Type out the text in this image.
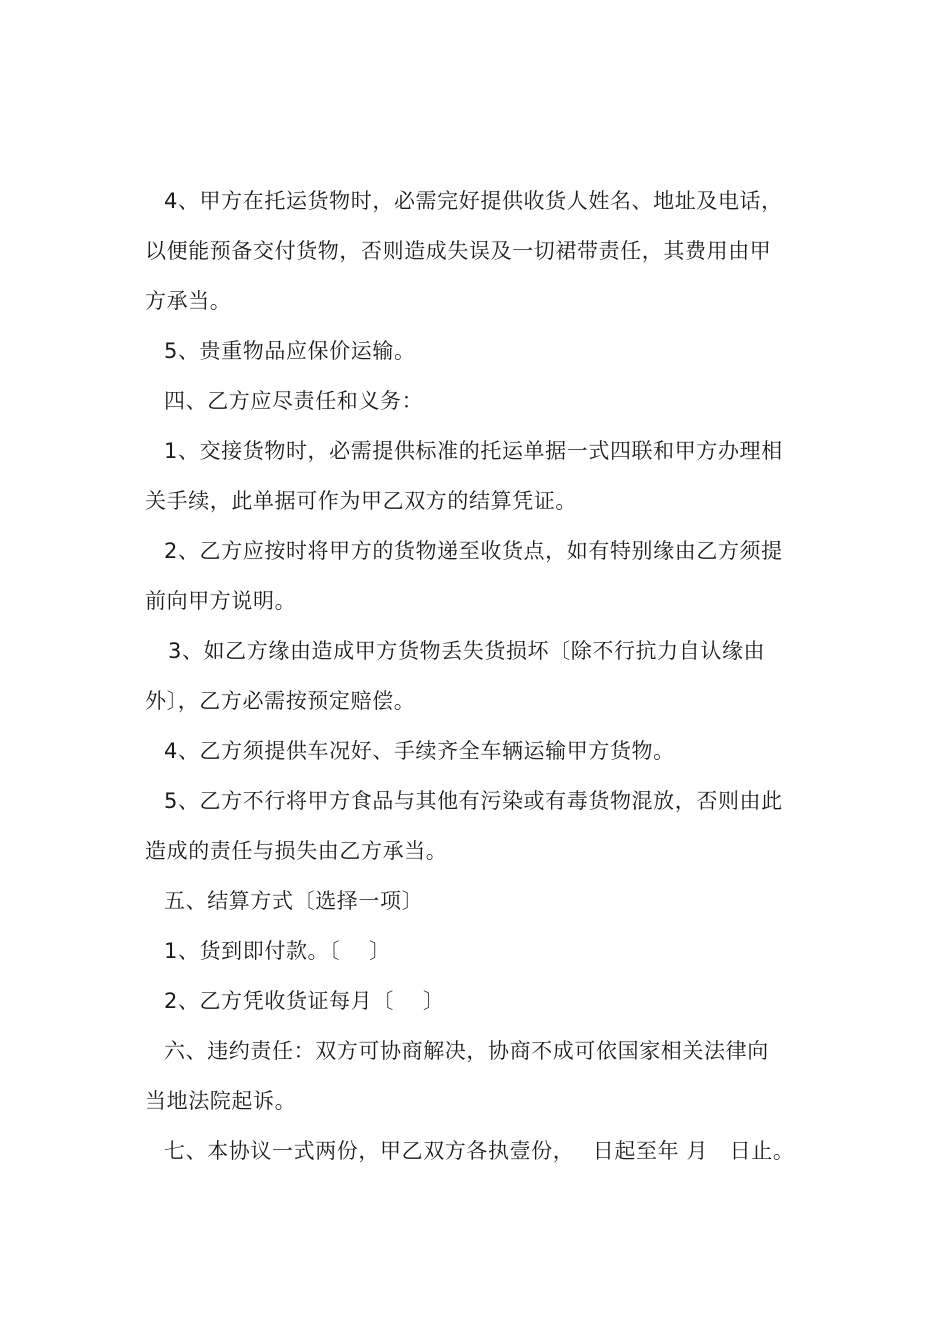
4、甲方在托运货物时，必需完好提供收货人姓名、地址及电话，
以便能预备交付货物，否则造成失误及一切裙带责任，其费用由甲
方承当。
5、贵重物品应保价运输。
四、乙方应尽责任和义务：
1、交接货物时，必需提供标准的托运单据一式四联和甲方办理相
关手续，此单据可作为甲乙双方的结算凭证。
2、乙方应按时将甲方的货物递至收货点，如有特别缘由乙方须提
前向甲方说明。
3、如乙方缘由造成甲方货物丢失货损坏〔除不行抗力自认缘由
外〕，乙方必需按预定赔偿。
4、乙方须提供车况好、手续齐全车辆运输甲方货物。
5、乙方不行将甲方食品与其他有污染或有毒货物混放，否则由此
造成的责任与损失由乙方承当。
五、结算方式〔选择一项〕
1、货到即付款。〔　 〕
2、乙方凭收货证每月〔　 〕
六、违约责任：双方可协商解决，协商不成可依国家相关法律向
当地法院起诉。
七、本协议一式两份，甲乙双方各执壹份，　 日起至年 月　日止。
